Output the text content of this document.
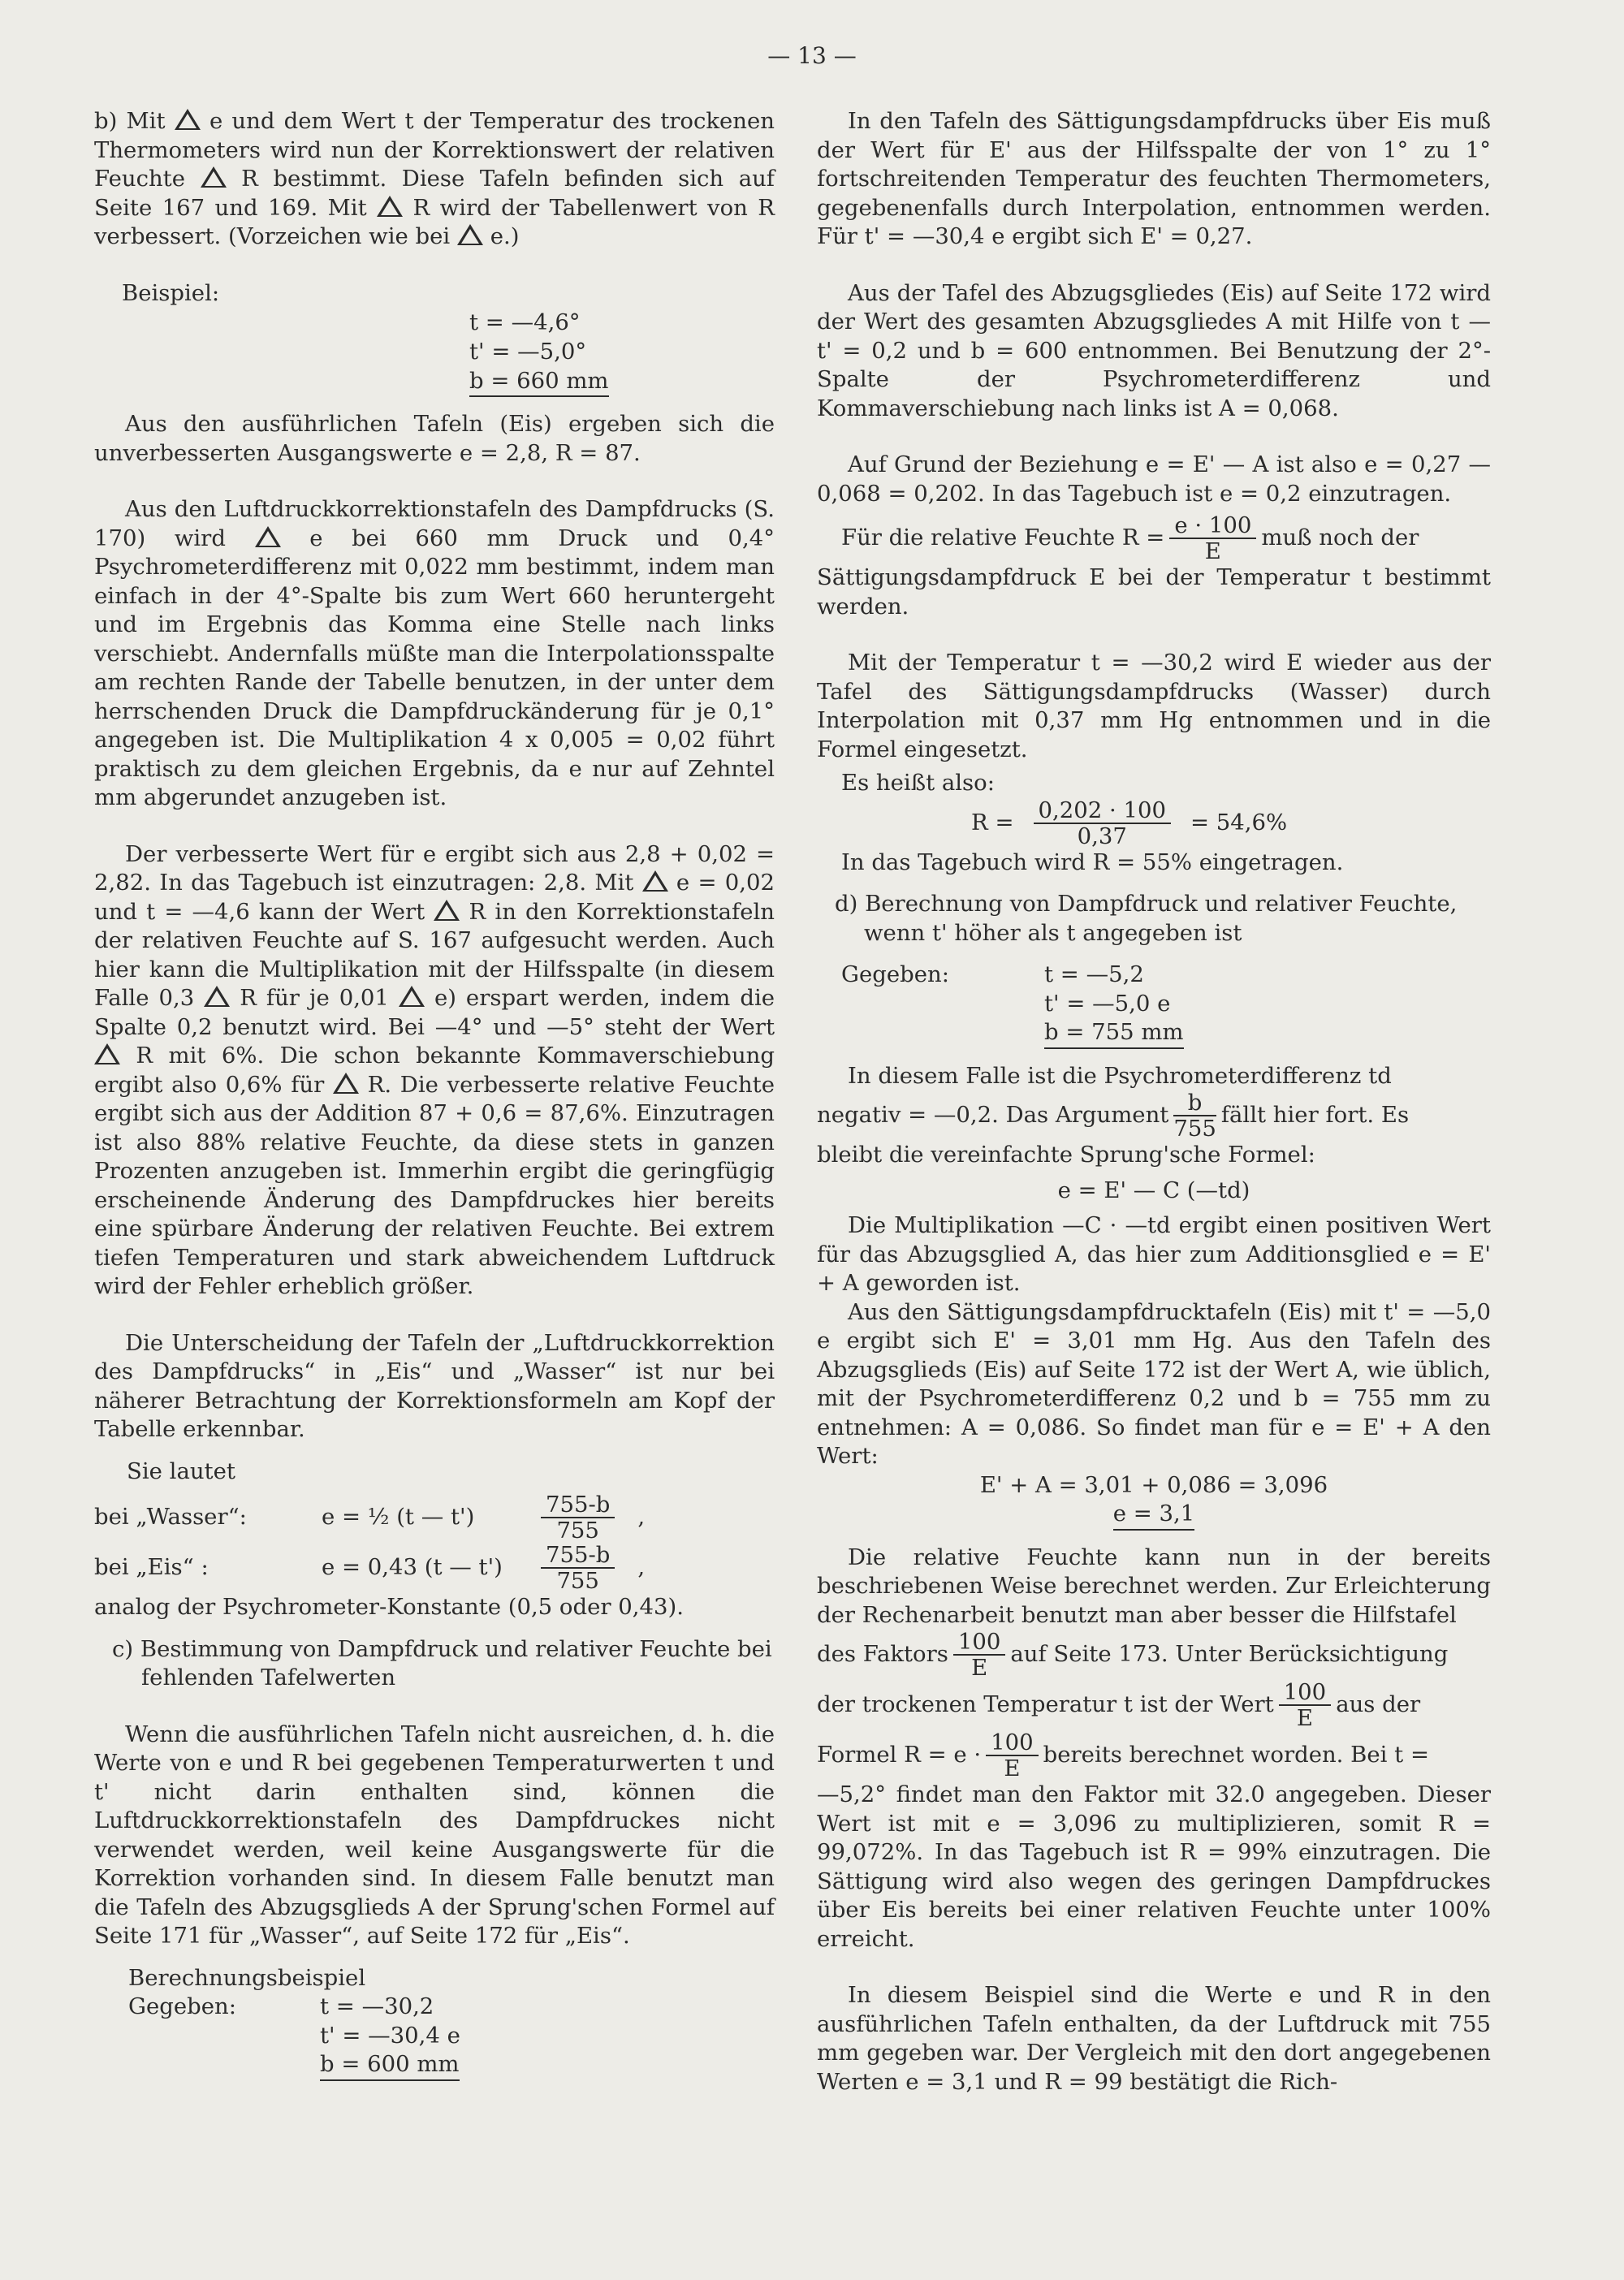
— 13 —

b) Mit e und dem Wert t der Temperatur des trockenen Thermometers wird nun der Korrektionswert der relativen Feuchte	R bestimmt. Diese Tafeln befinden sich auf Seite 167 und 169. Mit R wird der Tabellenwert von R verbessert. (Vorzeichen wie bei e.)

Beispiel:
t = —4,6°
t' = —5,0°
b = 660 mm

Aus den ausführlichen Tafeln (Eis) ergeben sich die unverbesserten Ausgangswerte e = 2,8, R = 87.

Aus den Luftdruckkorrektionstafeln des Dampfdrucks (S. 170) wird	e bei 660 mm Druck und 0,4° Psychrometerdifferenz mit 0,022 mm bestimmt, indem man einfach in der 4°-Spalte bis zum Wert 660 heruntergeht und im Ergebnis das Komma eine Stelle nach links verschiebt. Andernfalls müßte man die Interpolationsspalte am rechten Rande der Tabelle benutzen, in der unter dem herrschenden Druck die Dampfdruckänderung für je 0,1° angegeben ist. Die Multiplikation 4 x 0,005 = 0,02 führt praktisch zu dem gleichen Ergebnis, da e nur auf Zehntel mm abgerundet anzugeben ist.

Der verbesserte Wert für e ergibt sich aus 2,8 + 0,02 = 2,82. In das Tagebuch ist einzutragen: 2,8. Mit e = 0,02 und t = —4,6 kann der Wert R in den Korrektionstafeln der relativen Feuchte auf S. 167 aufgesucht werden. Auch hier kann die Multiplikation mit der Hilfsspalte (in diesem Falle 0,3 R für je 0,01 e) erspart werden, indem die Spalte 0,2 benutzt wird. Bei —4° und —5° steht der Wert  R mit 6%. Die schon bekannte Kommaverschiebung ergibt also 0,6% für R. Die verbesserte relative Feuchte ergibt sich aus der Addition 87 + 0,6 = 87,6%. Einzutragen ist also 88% relative Feuchte, da diese stets in ganzen Prozenten anzugeben ist. Immerhin ergibt die geringfügig erscheinende Änderung des Dampfdruckes hier bereits eine spürbare Änderung der relativen Feuchte. Bei extrem tiefen Temperaturen und stark abweichendem Luftdruck wird der Fehler erheblich größer.

Die Unterscheidung der Tafeln der „Luftdruckkorrektion des Dampfdrucks“ in „Eis“ und „Wasser“ ist nur bei näherer Betrachtung der Korrektionsformeln am Kopf der Tabelle erkennbar.

Sie lautet
bei „Wasser“:	e = ½ (t — t')	$\frac{755-b}{755}$ ,
bei „Eis“ :	e = 0,43 (t — t')	$\frac{755-b}{755}$ ,
analog der Psychrometer-Konstante (0,5 oder 0,43).
c) Bestimmung von Dampfdruck und relativer Feuchte bei fehlenden Tafelwerten

Wenn die ausführlichen Tafeln nicht ausreichen, d. h. die Werte von e und R bei gegebenen Temperaturwerten t und t' nicht darin enthalten sind, können die Luftdruckkorrektionstafeln des Dampfdruckes nicht verwendet werden, weil keine Ausgangswerte für die Korrektion vorhanden sind. In diesem Falle benutzt man die Tafeln des Abzugsglieds A der Sprung'schen Formel auf Seite 171 für „Wasser“, auf Seite 172 für „Eis“.

Berechnungsbeispiel
Gegeben:	t = —30,2
t' = —30,4 e
b = 600 mm

In den Tafeln des Sättigungsdampfdrucks über Eis muß der Wert für E' aus der Hilfsspalte der von 1° zu 1° fortschreitenden Temperatur des feuchten Thermometers, gegebenenfalls durch Interpolation, entnommen werden. Für t' = —30,4 e ergibt sich E' = 0,27.

Aus der Tafel des Abzugsgliedes (Eis) auf Seite 172 wird der Wert des gesamten Abzugsgliedes A mit Hilfe von t — t' = 0,2 und b = 600 entnommen. Bei Benutzung der 2°-Spalte der Psychrometerdifferenz und Kommaverschiebung nach links ist A = 0,068.

Auf Grund der Beziehung e = E' — A ist also e = 0,27 — 0,068 = 0,202. In das Tagebuch ist e = 0,2 einzutragen.

Für die relative Feuchte $R = \frac{e \cdot 100}{E}$ muß noch der

Sättigungsdampfdruck E bei der Temperatur t bestimmt werden.

Mit der Temperatur t = —30,2 wird E wieder aus der Tafel des Sättigungsdampfdrucks (Wasser) durch Interpolation mit 0,37 mm Hg entnommen und in die Formel eingesetzt.

Es heißt also:
$R = \frac{0,202 \cdot 100}{0,37} = 54,6\%$
In das Tagebuch wird R = 55% eingetragen.
d) Berechnung von Dampfdruck und relativer Feuchte, wenn t' höher als t angegeben ist
Gegeben:	t = —5,2
t' = —5,0 e
b = 755 mm

In diesem Falle ist die Psychrometerdifferenz td

negativ = —0,2. Das Argument $\frac{b}{755}$ fällt hier fort. Es

bleibt die vereinfachte Sprung'sche Formel:

e = E' — C (—td)

Die Multiplikation —C · —td ergibt einen positiven Wert für das Abzugsglied A, das hier zum Additionsglied e = E' + A geworden ist.

Aus den Sättigungsdampfdrucktafeln (Eis) mit t' = —5,0 e ergibt sich E' = 3,01 mm Hg. Aus den Tafeln des Abzugsglieds (Eis) auf Seite 172 ist der Wert A, wie üblich, mit der Psychrometerdifferenz 0,2 und b = 755 mm zu entnehmen: A = 0,086. So findet man für e = E' + A den Wert:

E' + A = 3,01 + 0,086 = 3,096
e = 3,1

Die relative Feuchte kann nun in der bereits beschriebenen Weise berechnet werden. Zur Erleichterung der Rechenarbeit benutzt man aber besser die Hilfstafel

des Faktors $\frac{100}{E}$ auf Seite 173. Unter Berücksichtigung
der trockenen Temperatur t ist der Wert $\frac{100}{E}$ aus der
Formel $R = e \cdot \frac{100}{E}$ bereits berechnet worden. Bei t =

—5,2° findet man den Faktor mit 32.0 angegeben. Dieser Wert ist mit e = 3,096 zu multiplizieren, somit R = 99,072%. In das Tagebuch ist R = 99% einzutragen. Die Sättigung wird also wegen des geringen Dampfdruckes über Eis bereits bei einer relativen Feuchte unter 100% erreicht.

In diesem Beispiel sind die Werte e und R in den ausführlichen Tafeln enthalten, da der Luftdruck mit 755 mm gegeben war. Der Vergleich mit den dort angegebenen Werten e = 3,1 und R = 99 bestätigt die Rich-
